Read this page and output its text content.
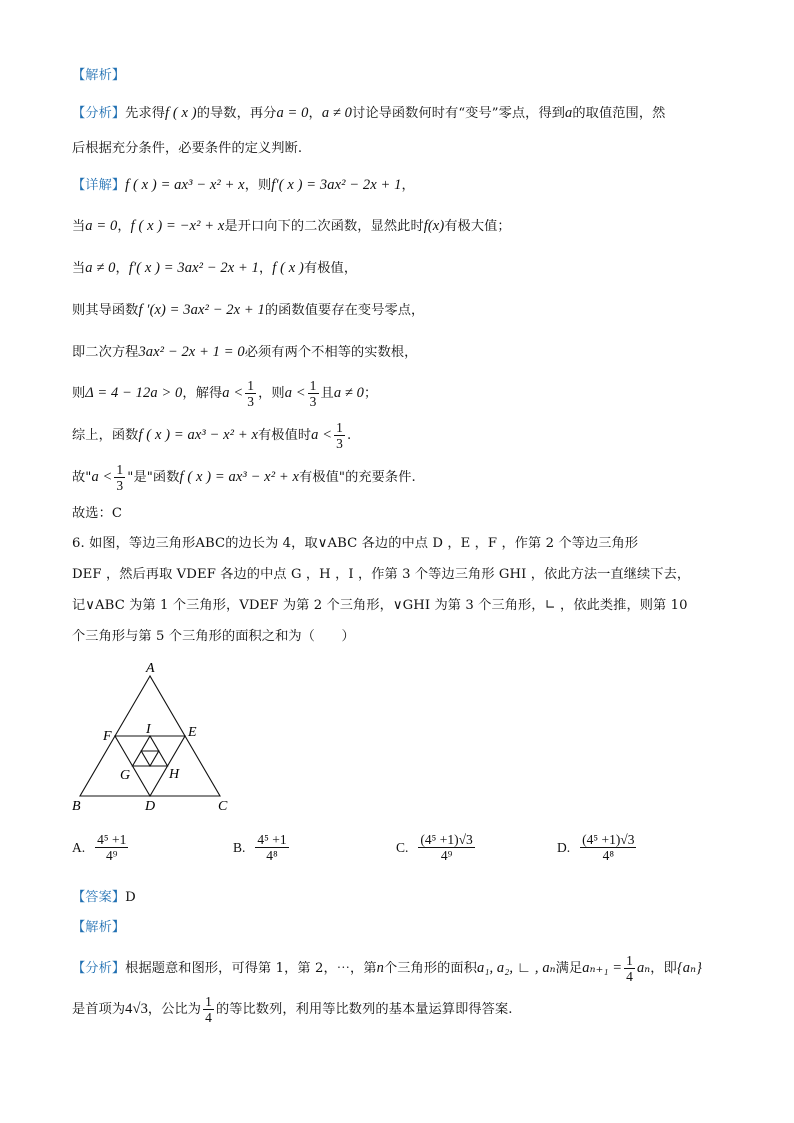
【解析】
【分析】先求得f ( x )的导数，再分a = 0，a ≠ 0讨论导函数何时有“变号”零点，得到a的取值范围，然
后根据充分条件，必要条件的定义判断.
【详解】f ( x ) = ax³ − x² + x，则f′( x ) = 3ax² − 2x + 1，
当a = 0，f ( x ) = −x² + x是开口向下的二次函数，显然此时f(x)有极大值；
当a ≠ 0，f′( x ) = 3ax² − 2x + 1，f ( x )有极值，
则其导函数f ′(x) = 3ax² − 2x + 1的函数值要存在变号零点，
即二次方程3ax² − 2x + 1 = 0必须有两个不相等的实数根，
则Δ = 4 − 12a > 0，解得$a < \frac{1}{3}$ ，则$a < \frac{1}{3}$ 且a ≠ 0；
综上，函数f ( x ) = ax³ − x² + x有极值时$a < \frac{1}{3}$ .
故"$a < \frac{1}{3}$ "是"函数f ( x ) = ax³ − x² + x有极值"的充要条件.
故选：C
6. 如图，等边三角形ABC的边长为 4，取∨ABC 各边的中点 D ，E ，F ，作第 2 个等边三角形
DEF ，然后再取 VDEF 各边的中点 G ，H ，I ，作第 3 个等边三角形 GHI ，依此方法一直继续下去，
记∨ABC 为第 1 个三角形，VDEF 为第 2 个三角形，∨GHI 为第 3 个三角形，∟ ，依此类推，则第 10
个三角形与第 5 个三角形的面积之和为（　　）
A
B	C
D
E
F
G	H
I
A. $\frac{\text{4⁵ +1}}{\text{4⁹}}$	B. $\frac{\text{4⁵ +1}}{\text{4⁸}}$	C. $\frac{\text{(4⁵ +1)√3}}{\text{4⁹}}$	D. $\frac{\text{(4⁵ +1)√3}}{\text{4⁸}}$
【答案】D
【解析】
【分析】根据题意和图形，可得第 1，第 2，⋯，第n个三角形的面积a₁, a₂, ∟ , aₙ满足$a_{n+1} = \frac{1}{4}$ aₙ，即{aₙ}
是首项为4√3，公比为 $\frac{1}{4}$ 的等比数列，利用等比数列的基本量运算即得答案.
